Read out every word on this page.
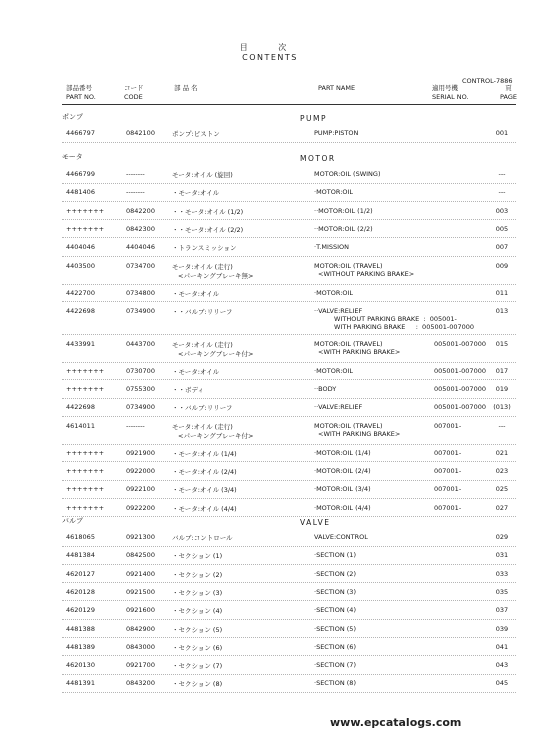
目 次
CONTENTS
CONTROL-7886
部品番号
PART NO.
コード
CODE
部 品 名	PART NAME	適用号機
SERIAL NO.
頁
PAGE
ポンプ	PUMP
4466797	0842100	001
ポンプ:ピストン	PUMP:PISTON
モータ	MOTOR
4466799	--------	---
モータ:オイル (旋回)	MOTOR:OIL (SWING)
4481406	--------	---
・モータ:オイル	·MOTOR:OIL
+++++++	0842200	003
・・モータ:オイル (1/2)	··MOTOR:OIL (1/2)
+++++++	0842300	005
・・モータ:オイル (2/2)	··MOTOR:OIL (2/2)
4404046	4404046	007
・トランスミッション	·T.MISSION
4403500	0734700	009
モータ:オイル (走行)
<パーキングブレーキ無>
MOTOR:OIL (TRAVEL)
<WITHOUT PARKING BRAKE>
4422700	0734800	011
・モータ:オイル	·MOTOR:OIL
4422698	0734900	013
・・バルブ:リリーフ	··VALVE:RELIEF
WITHOUT PARKING BRAKE  :  005001-
WITH PARKING BRAKE     :  005001-007000
4433991	0443700	005001-007000	015
モータ:オイル (走行)
<パーキングブレーキ付>
MOTOR:OIL (TRAVEL)
<WITH PARKING BRAKE>
+++++++	0730700	005001-007000	017
・モータ:オイル	·MOTOR:OIL
+++++++	0755300	005001-007000	019
・・ボディ	··BODY
4422698	0734900	005001-007000	(013)
・・バルブ:リリーフ	··VALVE:RELIEF
4614011	--------	007001-	---
モータ:オイル (走行)
<パーキングブレーキ付>
MOTOR:OIL (TRAVEL)
<WITH PARKING BRAKE>
+++++++	0921900	007001-	021
・モータ:オイル (1/4)	·MOTOR:OIL (1/4)
+++++++	0922000	007001-	023
・モータ:オイル (2/4)	·MOTOR:OIL (2/4)
+++++++	0922100	007001-	025
・モータ:オイル (3/4)	·MOTOR:OIL (3/4)
+++++++	0922200	007001-	027
・モータ:オイル (4/4)	·MOTOR:OIL (4/4)
バルブ	VALVE
4618065	0921300	029
バルブ:コントロール	VALVE:CONTROL
4481384	0842500	031
・セクション (1)	·SECTION (1)
4620127	0921400	033
・セクション (2)	·SECTION (2)
4620128	0921500	035
・セクション (3)	·SECTION (3)
4620129	0921600	037
・セクション (4)	·SECTION (4)
4481388	0842900	039
・セクション (5)	·SECTION (5)
4481389	0843000	041
・セクション (6)	·SECTION (6)
4620130	0921700	043
・セクション (7)	·SECTION (7)
4481391	0843200	045
・セクション (8)	·SECTION (8)
www.epcatalogs.com
